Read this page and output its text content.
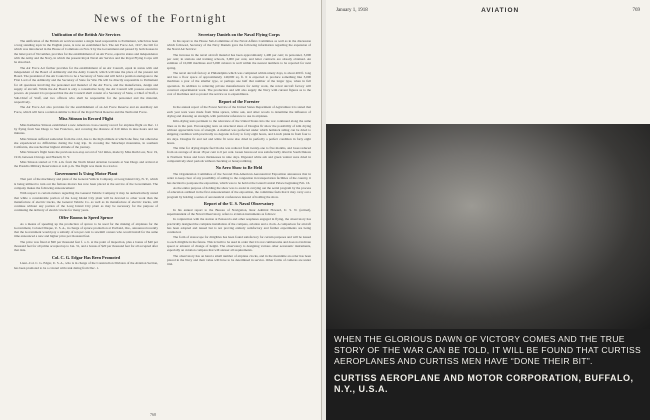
News of the Fortnight
Unification of the British Air Services

The unification of the British air services under a single head responsible to Parliament, which has been a long standing topic in the English press, is now an established fact. The Air Force Act, 1917, the bill for which was introduced in the House of Commons on Nov. 9 by the Government and passed by both houses in the latter part of November, provides for the establishment of an Air Force, equal in status and independence with the Army and the Navy, in which the present Royal Naval Air Service and the Royal Flying Corps will be absorbed.

The Air Force Act further provides for the establishment of an Air Council, equal in status with and independent of the Board of Admiralty and the Army Council, which will take the place of the present Air Board. The president of the Air Council is to be a Secretary of State and will hold a position analogous to the First Lord of the Admiralty and the Secretary of State for War. He will be directly responsible to Parliament for all questions involving the personnel and materiel of the Air Force, and the manufacture, design and supply of aircraft. While the Air Board is only a consultative body, the Air Council will possess executive powers. At present it is proposed that the Air Council shall consist of a Secretary of State, a Chief of Staff, a Sub-Chief of Staff, and two officers who shall be responsible for the personnel and the materiel, respectively.

The Air Force Act also provides for the establishment of an Air Force Reserve and an Auxiliary Air Force, which will have a relation similar to that of the Royal Naval Reserve and the Territorial Force.

Miss Stinson in Record Flight

Miss Katherine Stinson established a new American cross-country record for airplane flight on Dec. 11 by flying from San Diego to San Francisco, and covering the distance of 610 miles in nine hours and ten minutes.

Miss Stinson suffered somewhat from the cold, due to the high altitude at which she flew, but otherwise she experienced no difficulties during the long trip. In crossing the Tehachapi mountains, in southern California, she reached her highest altitude of the journey.

Miss Stinson's flight beats the previous non-stop record of 512 miles, made by Miss Ruth Law, Nov. 19, 1916, between Chicago and Hornell, N. Y.

Miss Stinson started at 7.31 a.m. from the North Island Aviation Grounds at San Diego and arrived at the Presidio Military Reservation at 4.41 p.m. The flight was made in a tractor.

Government Is Using Motor Plant

That part of the machinery and plant of the General Vehicle Company, at Long Island City, N. Y., which is being utilized to turn out the famous motors has now been placed at the service of the Government. The company makes the following announcement:

With respect to certain rumors regarding the General Vehicle Company it may be authoritatively stated that while a considerable portion of the Long Island City plant will be devoted to other work than the manufacture of electric trucks, the General Vehicle Co. as well as its manufacture of electric trucks, will continue without any portion of the Long Island City plant as may be necessary for the purpose of continuing the delivery of electric trucks for many years.

Offer Rooms to Speed Spruce

As a means of speeding up the production of spruce to be used for the making of airplanes for the Government, Colonel Disque, U. S. A., in charge of spruce production at Portland, Ore., announced recently that the Government would pay a subsidy of ten per cent to sawmill owners who would install for the same time announced a new and higher price per thousand feet.

The price was fixed at $90 per thousand feet f. o. b. at the point of inspection, plus a bonus of $40 per thousand feet for all prime accepted up to Jan. 31, and a bonus of $20 per thousand feet for all accepted after that date.

Col. C. G. Edgar Has Been Promoted

Lieut.-Col. C. G. Edgar, U. S. A., who is in charge of the Construction Division of the Aviation Section, has been promoted to be a colonel with rank dating from Dec. 1.

Secretary Daniels on the Naval Flying Corps

In his report to the House Sub-Committee of the Naval Affairs Committee as well as in the discussion which followed, Secretary of the Navy Daniels gave the following information regarding the expansion of the Naval Air Service:

The increase in the naval aircraft material has been approximately 1,400 per cent; in personnel, 3,000 per cent; in stations and training schools, 3,000 per cent, and letter contracts are already obtained. An estimate of 10,000 machines and 5,000 aviators is well within the nearest numbers to be reported for next spring.

The naval aircraft factory at Philadelphia which was completed within ninety days, is about 400 ft. long and has a floor space of approximately 140,000 sq. ft. It is expected to produce something like 3,000 machines a year of the smaller type, or perhaps one half that number of the larger type, when in full operation. In addition to relieving private manufacturers for Army work, the naval aircraft factory will construct experimental work. The production and will also supply the Navy with current figures as to the cost of machines and so protect the service as to expenditures.

Report of the Forester

In the annual report of the Forest Service of the United States Department of Agriculture it is stated that each year tests were made from Sitka spruce, white oak, and other woods to determine the influence of drying and dressing on strength, with particular reference to use in airplanes.

Kiln-drying tests pertinent to the relevance of the United States into the war continued along the same lines as in the past. Encouraging tests on structural sizes of Douglas fir show the possibility of kiln drying without appreciable loss of strength. A method was perfected under which hemlock siding can be dried to shipping condition with practically no degrade in forty to forty eight hours, and 2-inch plank in from four to six days. Douglas fir and red and white fir were also dried in perfectly a perfect condition in forty eight hours.

The time for drying maple fuel blocks was reduced from twenty-one to five months, and loses reduced from an average of about 18 per cent to 6 per cent. Green basswood was satisfactorily dried in South Dakota is Northern Texas and Iowa thicknesses in nine days. Digested white ash and green walnut were dried in comparatively short periods without checking or honeycombing.

No Aero Show to Be Held

The Organization Committee of the Second Pan-American Aeronautical Exposition announces that in order to keep clear of any possibility of adding to the congestion in transportation facilities of the country, it has decided to postpone the exposition, which was to be held at the Grand Central Palace beginning Feb. 16.

As the entire purpose of holding the show was to assist in carrying out the aerial program by the process of education outlined in the first announcement of the exposition, the committee feels that it may carry out a program by holding a series of aeronautical conferences instead of holding the show.

Report of the U. S. Naval Observatory

In his annual report to the Bureau of Navigation, Rear Admiral Howard, U. S. N. (retired), superintendent of the Naval Observatory, refers to aviation instruments as follows:

In conjunction with the station at Pensacola and other seaplanes engaged in flying, the observatory has practically designed the complete installation of the compass, aviation and a clock. A comparison for aircraft has been adopted and issued but is not proving entirely satisfactory and further experiments are being conducted.

The form of statoscope for dirigibles has been found satisfactory for certain purposes and will be issued to each dirigible in the future. This is built to be used in order that it is not cumbersome and does not indicate speed or amount of change of height. The observatory is designing various other aeronautic instruments, especially an aviation compass that will answer all requirements.

The observatory has on hand a small number of airplane clocks, and in the meantime an order has been placed in the Navy and their value will have to be determined in service. Other forms of cameras are under trial.

768
January 1, 1918	AVIATION	769
WHEN THE GLORIOUS DAWN OF VICTORY COMES AND THE TRUE STORY OF THE WAR CAN BE TOLD, IT WILL BE FOUND THAT CURTISS AEROPLANES AND CURTISS MEN HAVE “DONE THEIR BIT”.
CURTISS AEROPLANE AND MOTOR CORPORATION, BUFFALO, N.Y., U.S.A.
